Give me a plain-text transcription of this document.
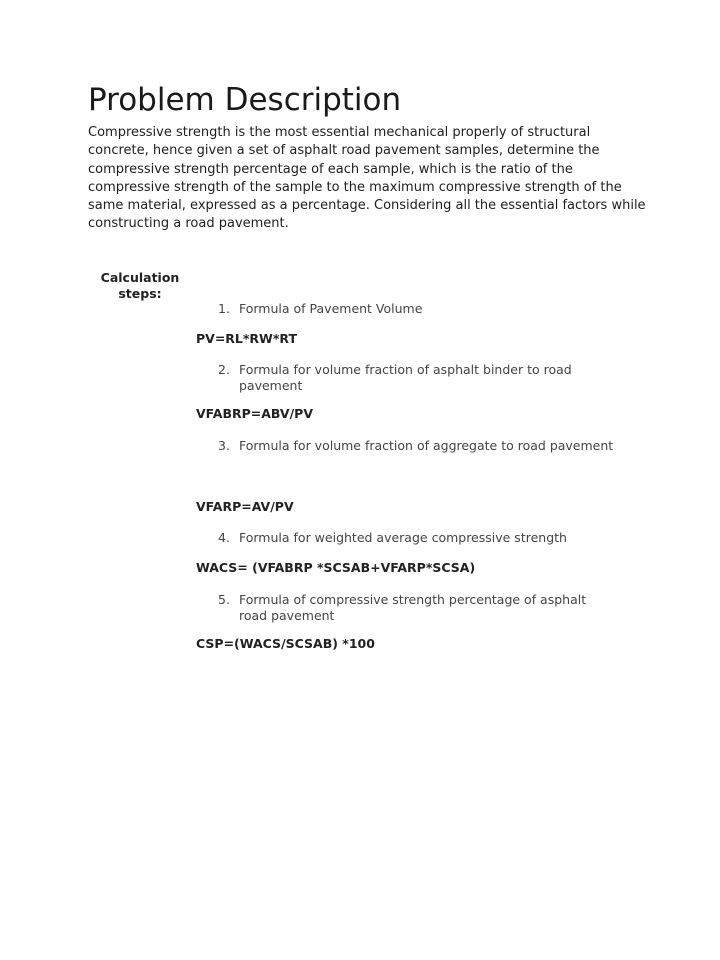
Problem Description

Compressive strength is the most essential mechanical properly of structural concrete, hence given a set of asphalt road pavement samples, determine the compressive strength percentage of each sample, which is the ratio of the compressive strength of the sample to the maximum compressive strength of the same material, expressed as a percentage. Considering all the essential factors while constructing a road pavement.

Calculation steps:
1. Formula of Pavement Volume
PV=RL*RW*RT
2. Formula for volume fraction of asphalt binder to road pavement
VFABRP=ABV/PV
3. Formula for volume fraction of aggregate to road pavement
VFARP=AV/PV
4. Formula for weighted average compressive strength
WACS= (VFABRP *SCSAB+VFARP*SCSA)
5. Formula of compressive strength percentage of asphalt road pavement
CSP=(WACS/SCSAB) *100
